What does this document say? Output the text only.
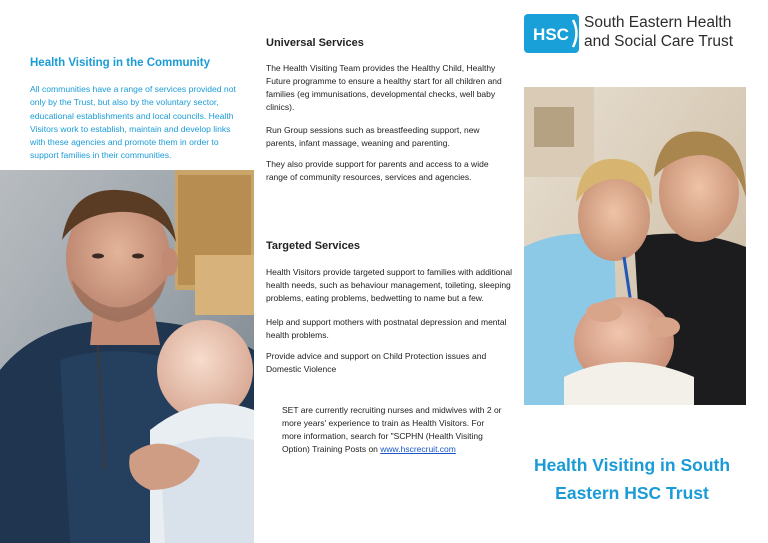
Health Visiting in the Community

All communities have a range of services provided not only by the Trust, but also by the voluntary sector, educational establishments and local councils. Health Visitors work to establish, maintain and develop links with these agencies and promote them in order to support families in their communities.

Universal Services

The Health Visiting Team provides the Healthy Child, Healthy Future programme to ensure a healthy start for all children and families (eg immunisations, developmental checks, well baby clinics).

Run Group sessions such as breastfeeding support, new parents, infant massage, weaning and parenting.

They also provide support for parents and access to a wide range of community resources, services and agencies.

Targeted Services

Health Visitors provide targeted support to families with additional health needs, such as behaviour management, toileting, sleeping problems, eating problems, bedwetting to name but a few.

Help and support mothers with postnatal depression and mental health problems.

Provide advice and support on Child Protection issues and Domestic Violence

SET are currently recruiting nurses and midwives with 2 or more years' experience to train as Health Visitors. For more information, search for "SCPHN (Health Visiting Option) Training Posts on www.hscrecruit.com

HSC
South Eastern Health
and Social Care Trust
Health Visiting in South
Eastern HSC Trust
